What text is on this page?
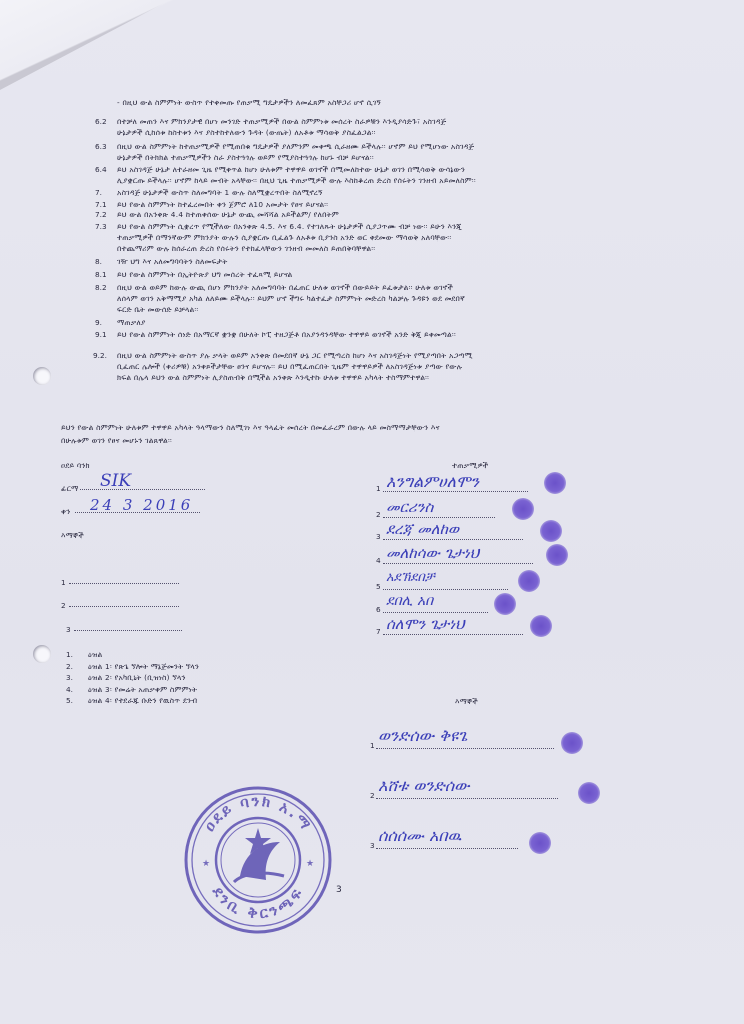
- በዚህ ውል ስምምነት ውስጥ የተቀመጡ የጠቃሚ ግዴታዎችን ለመፈጸም አስቸጋሪ ሆኖ ሲገኝ
6.2 በተቻለ መጠን እና ምክንያታዊ በሆነ መንገድ ተጠቃሚዎች በውል ስምምነቱ መሰረት ስራዎቹን እንዲያሳድጉ፣ አስገዳጅ
ሁኔታዎች ሲከሰቱ ከስተቱን እና ያስተከተለውን ጉዳት (ውጤት) ለአቶቱ ማሳወቅ ያስፈልጋል፡፡
6.3 በዚህ ውል ስምምነት ከተጠቃሚዎች የሚጠበቁ ግዴታዎች ያለምንም መቀጫ ሲራዘሙ ይችላሉ፡፡ ሆኖም ይህ የሚሆነው አስገዳጅ
ሁኔታዎች በትክክል ተጠቃሚዎችን ስራ ያስተጓጎሉ ወይም የሚያስተጓጎሉ ከሆኑ ብቻ ይሆናል፡፡
6.4 ይህ አስገዳጅ ሁኔታ ለተራዘመ ጊዜ የሚቀጥል ከሆነ ሁለቱም ተዋዋይ ወገኖች በሚመለከተው ሁኔታ ወገን በሚሳወቅ ውሳኔውን
ሊያቋርጡ ይችላሉ፡፡ ሆኖም ከላይ መብት አላቸው፡፡ በዚህ ጊዜ ተጠቃሚዎች ውሉ እስከቆረጠ ድረስ የሰሩትን ገንዘብ አይመለስም፡፡
7. አስገዳጅ ሁኔታዎች ውስጥ ስለመግባት 1 ውሉ ስለሚቋረጥበት ስለሚኖረኝ
7.1 ይህ የውል ስምምነት ከተፈረመበት ቀን ጀምሮ ለ10 አመታት የፀና ይሆናል፡፡
7.2 ይህ ውል በአንቀጽ 4.4 ከተጠቀሰው ሁኔታ ውጪ መሻሻል አይችልም/ የለበትም
7.3 ይህ የውል ስምምነት ሲቋረጥ የሚችለው በአንቀጽ 4.5. እና 6.4. የተገለጹት ሁኔታዎች ሲያጋጥሙ ብቻ ነው፡፡ ይሁን እንጂ
ተጠቃሚዎች በማንኛውም ምክንያት ውሉን ሲያቋርጡ ቢፈልጉ ለአቶቱ ቢያንስ አንድ ወር ቀደመው ማሳወቅ አለባቸው፡፡
በተጨማሪም ውሉ ከሰራረጠ ድረስ የሰሩትን የተከፈላቸውን ገንዘብ መመለስ ይጠበቅባቸዋል፡፡
8. ገዥ ህግ እና አለመግባባትን ስለመፍታት
8.1 ይህ የውል ስምምነት በኢትዮጵያ ህግ መሰረት ተፈጻሚ ይሆናል
8.2 በዚህ ውል ወይም ከውሉ ውጪ በሆነ ምክንያት አለመግባባት በፈጠር ሁለቱ ወገኖች በውይይት ይፈቱታል፡፡ ሁለቱ ወገኖች
ለሰላም ወገን አቅማሚያ አካል ለለይሙ ይችላሉ፡፡ ይህም ሆኖ ችግሩ ካልተፈታ ስምምነት መድረስ ካልቻሉ ጉዳዩን ወደ መደበኛ
ፍርድ ቤት መውሰድ ይቻላል፡፡
9. ማጠቃለያ
9.1 ይህ የውል ስምምነት ሰነድ በአማርኛ ቋንቋ በሁለት ኮፒ ተዘጋጅቶ በአያንዳንዳቸው ተዋዋይ ወገኖች አንድ ቅጂ ይቀመጣል፡፡
9.2. በዚህ ውል ስምምነት ውስጥ ያሉ ቃላት ወይም አንቀጽ በመደበኛ ሁኔ ጋር የሚጣረስ ከሆነ እና አስገዳጅነት የሚያጣበት አጋጣሚ
ቢፈጠር ሌሎች (ቀሪዎቹ) አንቀጾችታቸው ፀንና ይሆናሉ፡፡ ይህ በሚፈጠርበት ጊዜም ተዋዋይዎች ለአስገዳጅነቱ ያጣው የውሉ
ክፍል በሌላ ይህን ውል ስምምነት ሊያስጠብቅ በሚችል አንቀጽ እንዲተኩ ሁለቱ ተዋዋይ አካላት ተስማምተዋል፡፡
ይህን የውል ስምምነት ሁለቱም ተዋዋይ አካላት ዓላማውን ስለሚገነ እና ዓላፈት መሰረት በመፈራረም በውሉ ላይ መስማማታቸውን እና
በሁሉቱም ወገን የፀና መሆኑን ገልጸዋል፡፡
ዐደይ ባንክ
ፊርማ SIK
ቀን 24 3 2016
እማኞች
1
2
3
1. ዕዝል
2. ዕዝል 1፡ የጽጌ ኘሎት ማኔጅመንት ኘላን
3. ዕዝል 2፡ የአካቢኒት (ቢዝነስ) ኘላን
4. ዕዝል 3፡ የመሬት አጠቃቀም ስምምነት
5. ዕዝል 4፡ የተደራጁ ቡድን የዉስጥ ደንብ
ተጠቃሚዎች
1 እንግልምሀለሞን
2 መርሪንስ
3 ደረጃ መለከወ
4 መለከሳው ጌታነህ
5
አደኽደበቻ
6
ደበሊ አበ
7 ሰለሞን ጌታነህ
እማኞች
1
ወንድሰው ቅዩጌ
2
እሸቱ ወንድሰው
3
ሰሰሰሙ አበዉ
ዐደይ ባንክ አ.ማ
ደንቢ ቅርንጫፍ
★	★
3
